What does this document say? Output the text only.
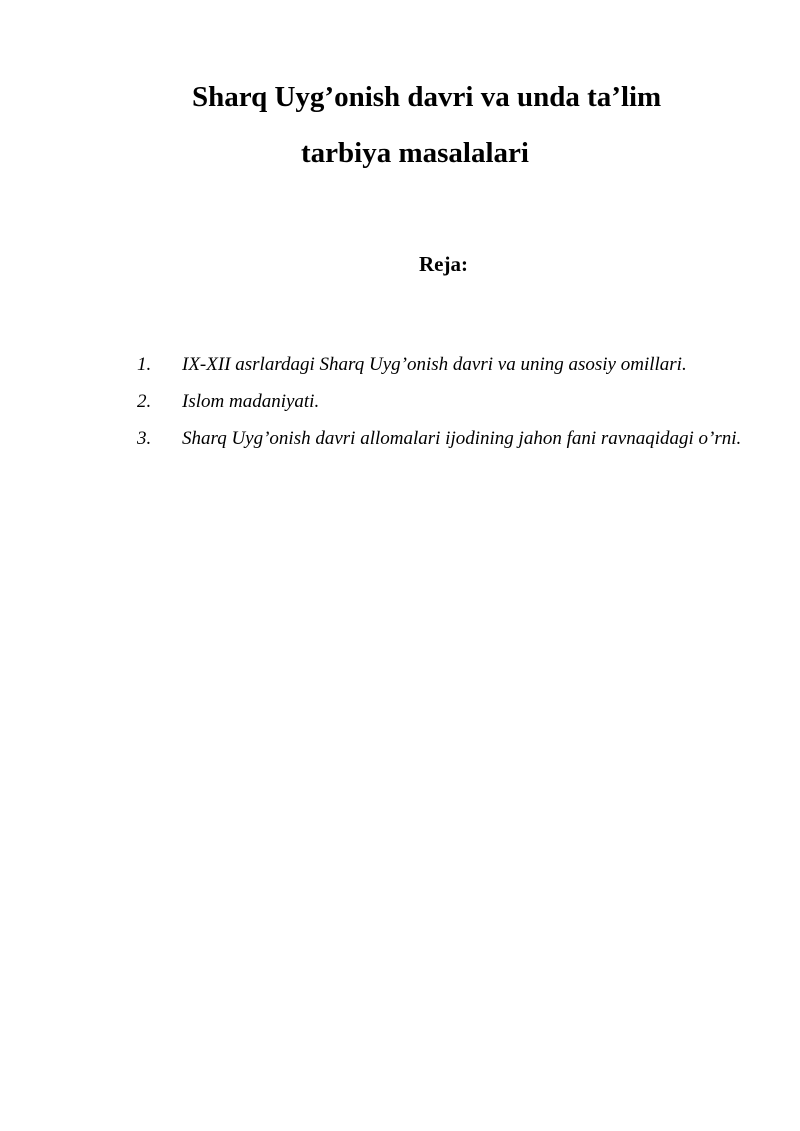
Sharq Uyg’onish davri va unda ta’lim
tarbiya masalalari
Reja:
1.	IX-XII asrlardagi Sharq Uyg’onish davri va uning asosiy omillari.
2.	Islom madaniyati.
3.	Sharq Uyg’onish davri allomalari ijodining jahon fani ravnaqidagi o’rni.
